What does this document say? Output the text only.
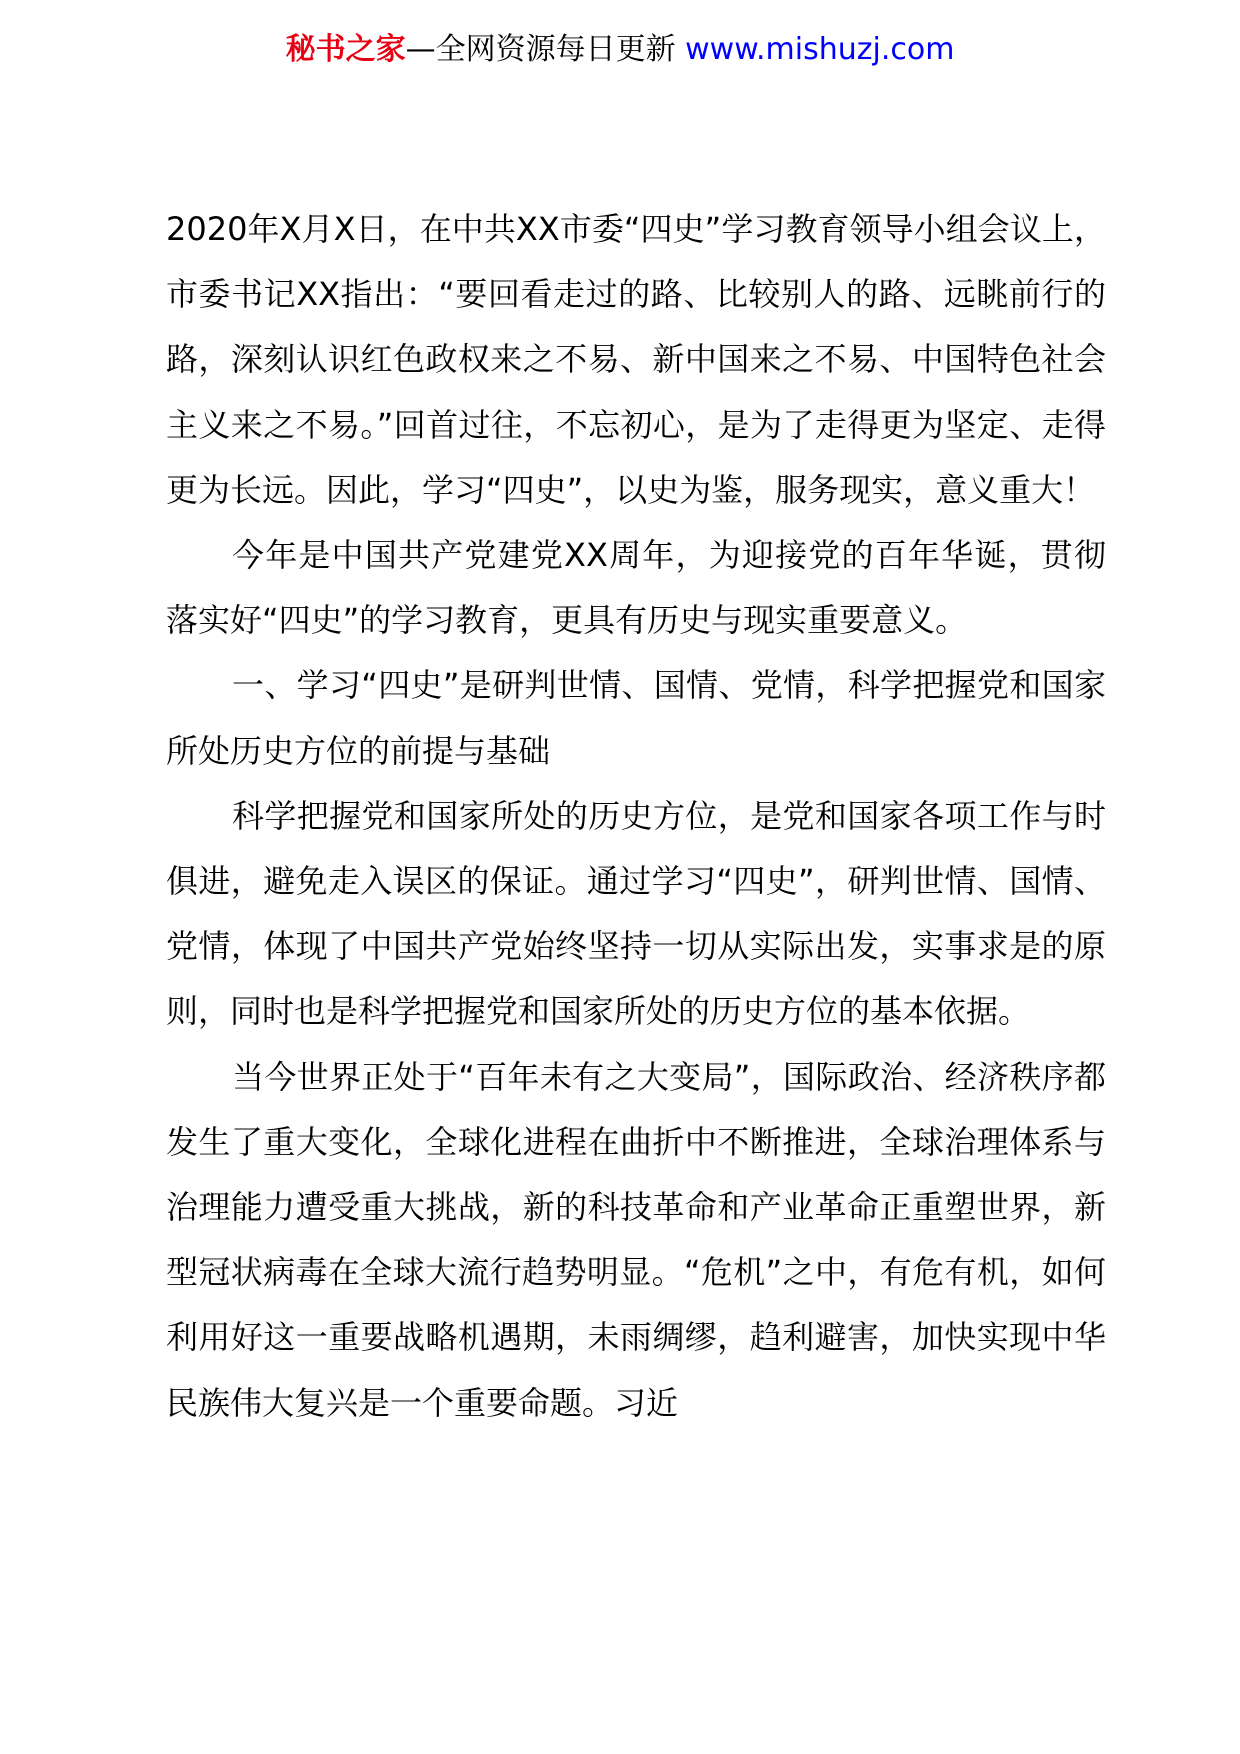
秘书之家—全网资源每日更新 www.mishuzj.com

2020年X月X日，在中共XX市委“四史”学习教育领导小组会议上，市委书记XX指出：“要回看走过的路、比较别人的路、远眺前行的路，深刻认识红色政权来之不易、新中国来之不易、中国特色社会主义来之不易。”回首过往，不忘初心，是为了走得更为坚定、走得更为长远。因此，学习“四史”，以史为鉴，服务现实，意义重大！

今年是中国共产党建党XX周年，为迎接党的百年华诞，贯彻落实好“四史”的学习教育，更具有历史与现实重要意义。

一、学习“四史”是研判世情、国情、党情，科学把握党和国家所处历史方位的前提与基础

科学把握党和国家所处的历史方位，是党和国家各项工作与时俱进，避免走入误区的保证。通过学习“四史”，研判世情、国情、党情，体现了中国共产党始终坚持一切从实际出发，实事求是的原则，同时也是科学把握党和国家所处的历史方位的基本依据。

当今世界正处于“百年未有之大变局”，国际政治、经济秩序都发生了重大变化，全球化进程在曲折中不断推进，全球治理体系与治理能力遭受重大挑战，新的科技革命和产业革命正重塑世界，新型冠状病毒在全球大流行趋势明显。“危机”之中，有危有机，如何利用好这一重要战略机遇期，未雨绸缪，趋利避害，加快实现中华民族伟大复兴是一个重要命题。习近
